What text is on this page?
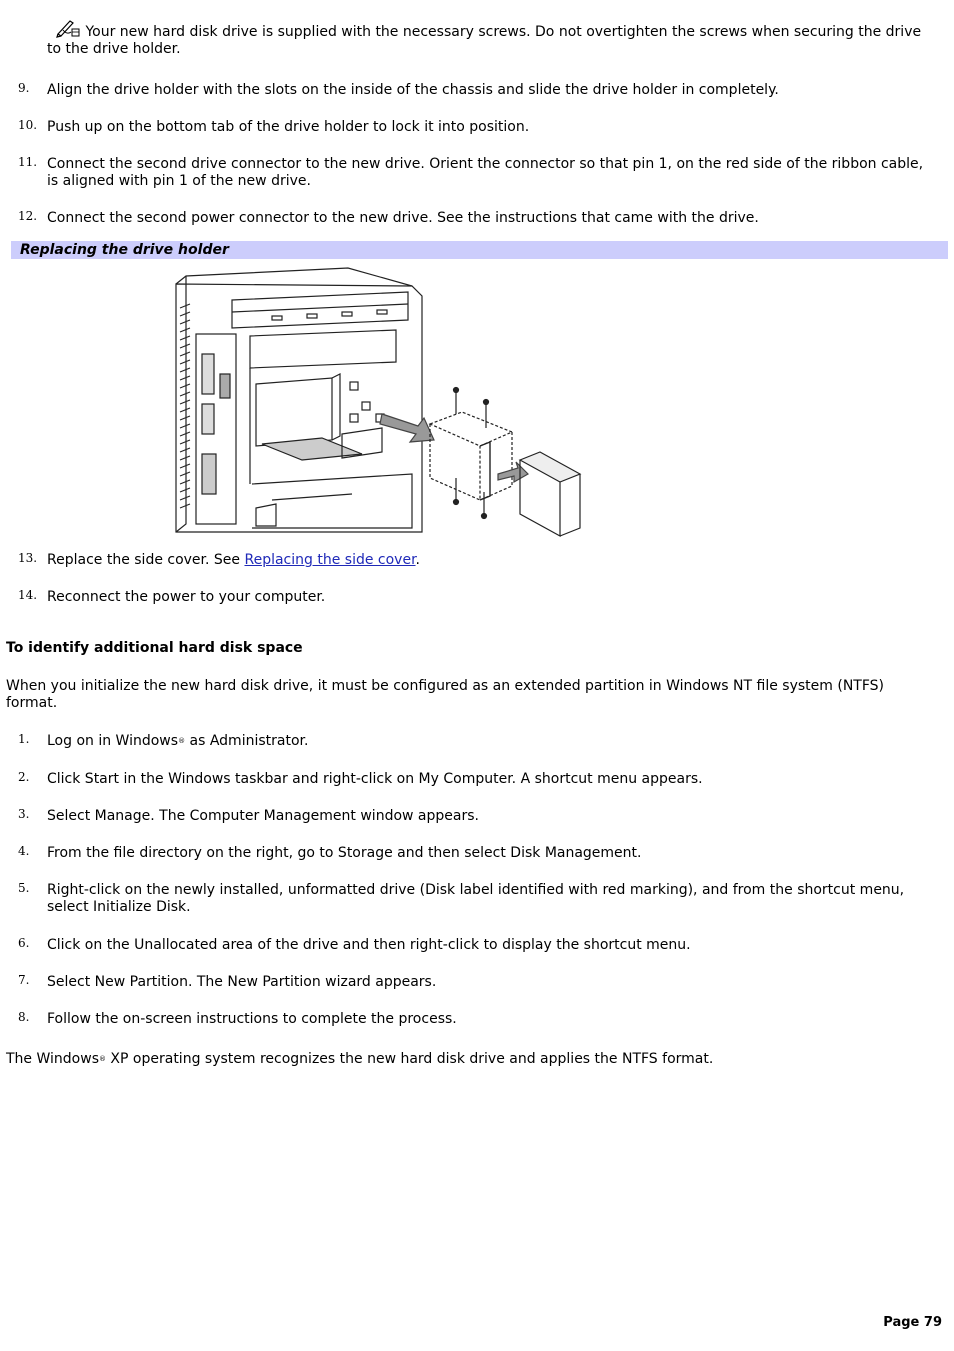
Your new hard disk drive is supplied with the necessary screws. Do not overtighten the screws when securing the drive to the drive holder.
9. Align the drive holder with the slots on the inside of the chassis and slide the drive holder in completely.
10. Push up on the bottom tab of the drive holder to lock it into position.
11. Connect the second drive connector to the new drive. Orient the connector so that pin 1, on the red side of the ribbon cable, is aligned with pin 1 of the new drive.
12. Connect the second power connector to the new drive. See the instructions that came with the drive.
Replacing the drive holder
13. Replace the side cover. See Replacing the side cover.
14. Reconnect the power to your computer.
To identify additional hard disk space
When you initialize the new hard disk drive, it must be configured as an extended partition in Windows NT file system (NTFS) format.
1. Log on in Windows® as Administrator.
2. Click Start in the Windows taskbar and right-click on My Computer. A shortcut menu appears.
3. Select Manage. The Computer Management window appears.
4. From the file directory on the right, go to Storage and then select Disk Management.
5. Right-click on the newly installed, unformatted drive (Disk label identified with red marking), and from the shortcut menu, select Initialize Disk.
6. Click on the Unallocated area of the drive and then right-click to display the shortcut menu.
7. Select New Partition. The New Partition wizard appears.
8. Follow the on-screen instructions to complete the process.
The Windows® XP operating system recognizes the new hard disk drive and applies the NTFS format.
Page 79
